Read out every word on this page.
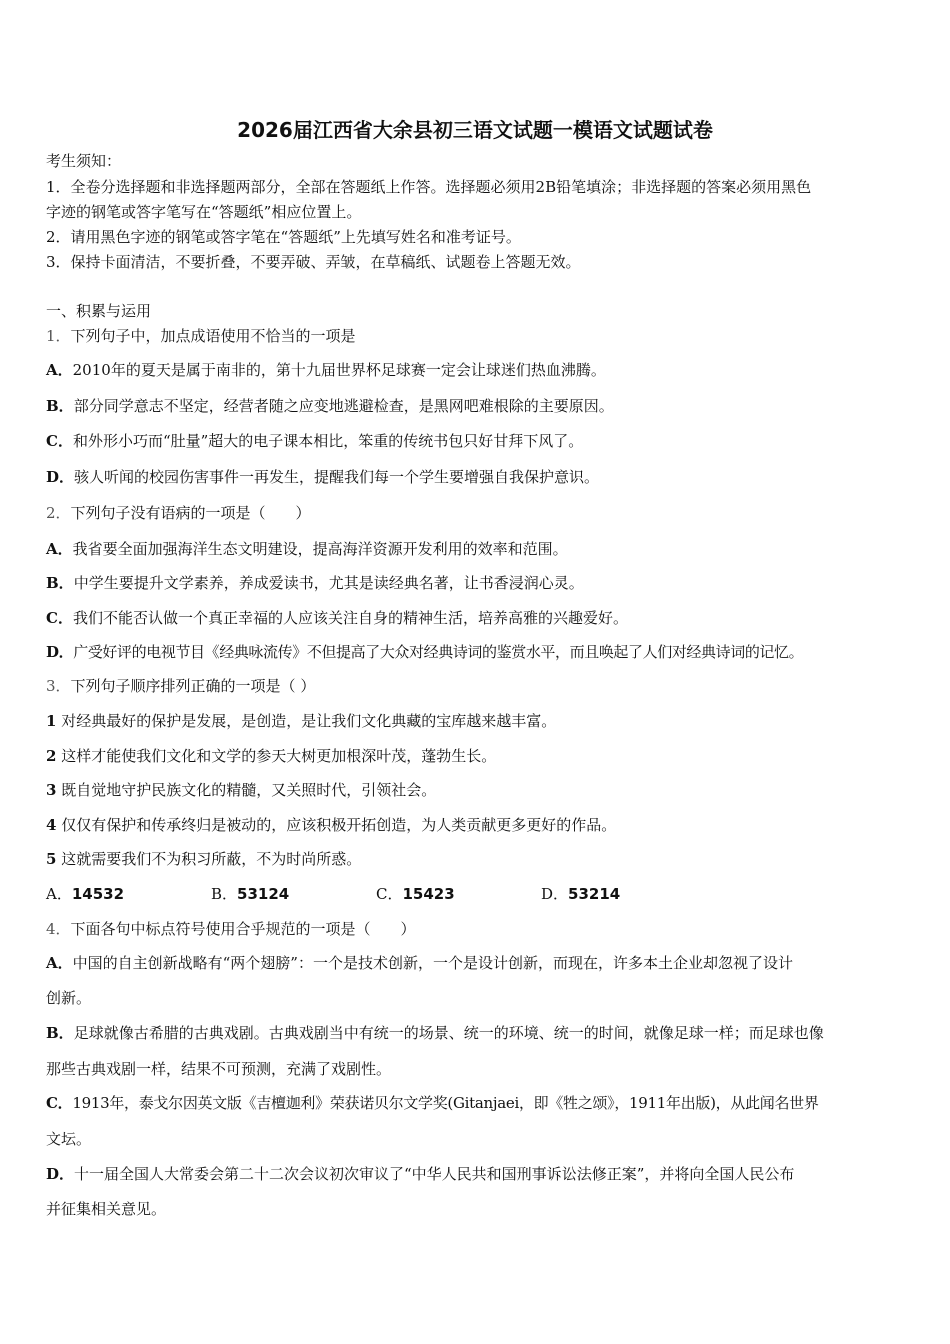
2026届江西省大余县初三语文试题一模语文试题试卷
考生须知：
1．全卷分选择题和非选择题两部分，全部在答题纸上作答。选择题必须用2B铅笔填涂；非选择题的答案必须用黑色
字迹的钢笔或答字笔写在“答题纸”相应位置上。
2．请用黑色字迹的钢笔或答字笔在“答题纸”上先填写姓名和准考证号。
3．保持卡面清洁，不要折叠，不要弄破、弄皱，在草稿纸、试题卷上答题无效。
一、积累与运用
1．下列句子中，加点成语使用不恰当的一项是
A．2010年的夏天是属于南非的，第十九届世界杯足球赛一定会让球迷们热血沸腾。
B．部分同学意志不坚定，经营者随之应变地逃避检查，是黑网吧难根除的主要原因。
C．和外形小巧而“肚量”超大的电子课本相比，笨重的传统书包只好甘拜下风了。
D．骇人听闻的校园伤害事件一再发生，提醒我们每一个学生要增强自我保护意识。
2．下列句子没有语病的一项是（　　）
A．我省要全面加强海洋生态文明建设，提高海洋资源开发利用的效率和范围。
B．中学生要提升文学素养，养成爱读书，尤其是读经典名著，让书香浸润心灵。
C．我们不能否认做一个真正幸福的人应该关注自身的精神生活，培养高雅的兴趣爱好。
D．广受好评的电视节目《经典咏流传》不但提高了大众对经典诗词的鉴赏水平，而且唤起了人们对经典诗词的记忆。
3．下列句子顺序排列正确的一项是（ ）
1 对经典最好的保护是发展，是创造，是让我们文化典藏的宝库越来越丰富。
2 这样才能使我们文化和文学的参天大树更加根深叶茂，蓬勃生长。
3 既自觉地守护民族文化的精髓，又关照时代，引领社会。
4 仅仅有保护和传承终归是被动的，应该积极开拓创造，为人类贡献更多更好的作品。
5 这就需要我们不为积习所蔽，不为时尚所惑。
A．14532	B．53124	C．15423	D．53214
4．下面各句中标点符号使用合乎规范的一项是（　　）
A．中国的自主创新战略有“两个翅膀”：一个是技术创新，一个是设计创新，而现在，许多本土企业却忽视了设计
创新。
B．足球就像古希腊的古典戏剧。古典戏剧当中有统一的场景、统一的环境、统一的时间，就像足球一样；而足球也像
那些古典戏剧一样，结果不可预测，充满了戏剧性。
C．1913年，泰戈尔因英文版《吉檀迦利》荣获诺贝尔文学奖(Gitanjaei，即《牲之颂》，1911年出版)，从此闻名世界
文坛。
D．十一届全国人大常委会第二十二次会议初次审议了“中华人民共和国刑事诉讼法修正案”，并将向全国人民公布
并征集相关意见。
